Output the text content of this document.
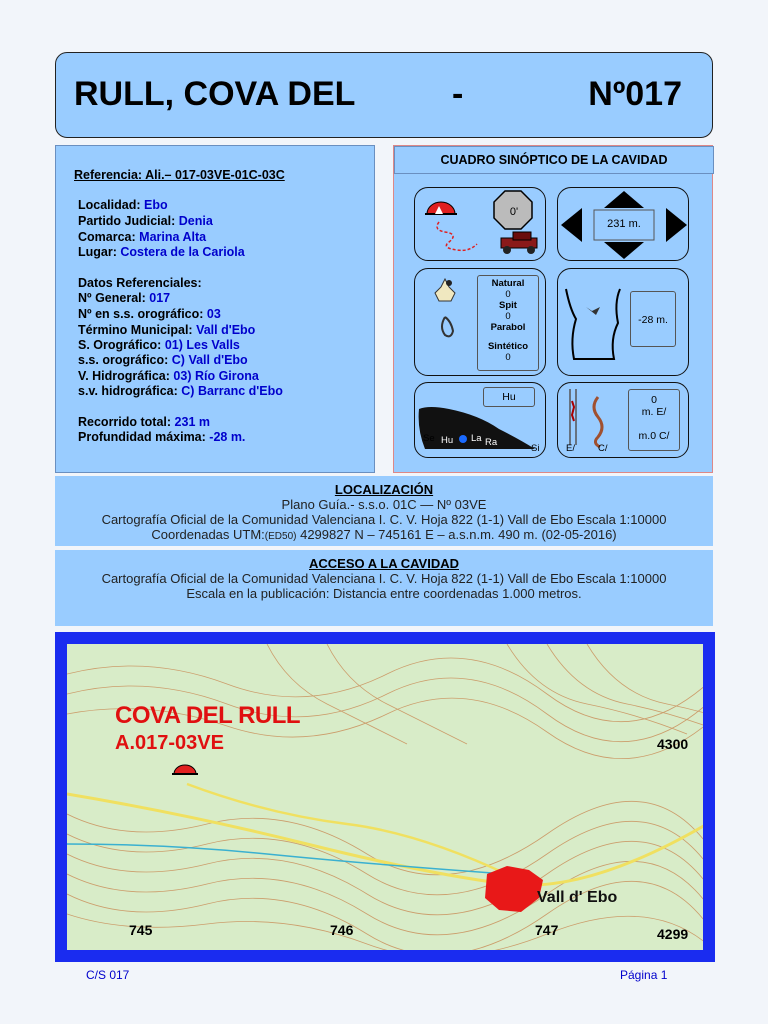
RULL, COVA DEL	-	Nº017
Referencia: Ali.– 017-03VE-01C-03C
Localidad: Ebo
Partido Judicial: Denia
Comarca: Marina Alta
Lugar: Costera de la Cariola
Datos Referenciales:
Nº General: 017
Nº en s.s. orográfico: 03
Término Municipal: Vall d'Ebo
S. Orográfico: 01) Les Valls
s.s. orográfico: C) Vall d'Ebo
V. Hidrográfica: 03) Río Girona
s.v. hidrográfica: C) Barranc d'Ebo
Recorrido total: 231 m
Profundidad máxima: -28 m.
CUADRO SINÓPTICO DE LA CAVIDAD
0'
231 m.
Natural
0
Spit
0
Parabol
Sintético
0
-28 m.
Hu
Se Hu La Ra
Si
0
m. E/
m.0 C/
E/ C/
LOCALIZACIÓN
Plano Guía.- s.s.o. 01C — Nº 03VE
Cartografía Oficial de la Comunidad Valenciana I. C. V. Hoja 822 (1-1) Vall de Ebo Escala 1:10000
Coordenadas UTM:(ED50) 4299827 N – 745161 E – a.s.n.m. 490 m. (02-05-2016)
ACCESO A LA CAVIDAD
Cartografía Oficial de la Comunidad Valenciana I. C. V. Hoja 822 (1-1) Vall de Ebo Escala 1:10000
Escala en la publicación: Distancia entre coordenadas 1.000 metros.
COVA DEL RULL
A.017-03VE
Vall d' Ebo
4300
4299
745	746	747
C/S 017	Página 1
